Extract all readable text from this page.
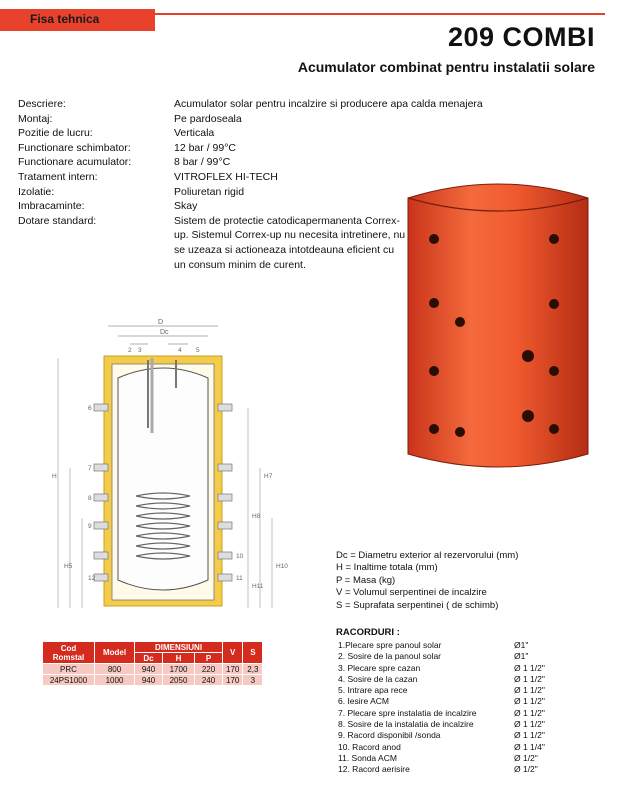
Fisa tehnica
209 COMBI
Acumulator combinat pentru instalatii solare
Descriere:	Acumulator solar pentru incalzire si producere apa calda menajera
Montaj:	Pe pardoseala
Pozitie de lucru:	Verticala
Functionare schimbator:	12 bar / 99°C
Functionare acumulator:	8 bar / 99°C
Tratament intern:	VITROFLEX HI-TECH
Izolatie:	Poliuretan rigid
Imbracaminte:	Skay
Dotare standard:	Sistem de protectie catodicapermanenta Correx-up. Sistemul Correx-up nu necesita intretinere, nu se uzeaza si actioneaza intotdeauna eficient cu un consum minim de curent.
D
Dc
H
H5
H7
H8
H10
H11
2 3	4 5
6
7
8
9
10
11
12
Cod Romstal	Model	DIMENSIUNI			V	S
		Dc	H	P		
PRC	800	940	1700	220	170	2,3
24PS1000	1000	940	2050	240	170	3
Dc = Diametru exterior al rezervorului (mm)
H = Inaltime totala (mm)
P = Masa (kg)
V = Volumul serpentinei de incalzire
S = Suprafata serpentinei ( de schimb)
RACORDURI :
1.Plecare spre panoul solar	Ø1"
2. Sosire de la panoul solar	Ø1"
3. Plecare spre cazan	Ø 1 1/2"
4. Sosire de la cazan	Ø 1 1/2"
5. Intrare apa rece	Ø 1 1/2"
6. Iesire ACM	Ø 1 1/2"
7. Plecare spre instalatia de incalzire	Ø 1 1/2"
8. Sosire de la instalatia de incalzire	Ø 1 1/2"
9. Racord disponibil /sonda	Ø 1 1/2"
10. Racord anod	Ø 1 1/4"
11. Sonda ACM	Ø 1/2"
12. Racord aerisire	Ø 1/2"
